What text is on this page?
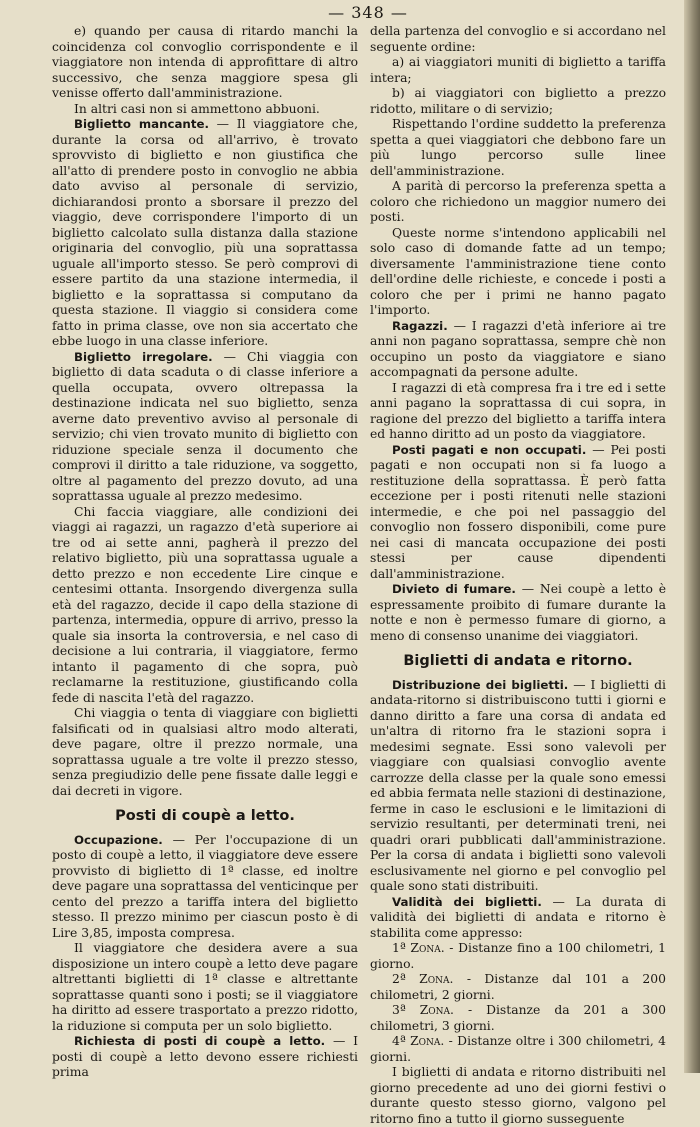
— 348 —

e) quando per causa di ritardo manchi la coincidenza col convoglio corrispondente e il viaggiatore non intenda di approfittare di altro successivo, che senza maggiore spesa gli venisse offerto dall'amministrazione.

In altri casi non si ammettono abbuoni.

Biglietto mancante. — Il viaggiatore che, durante la corsa od all'arrivo, è trovato sprovvisto di biglietto e non giustifica che all'atto di prendere posto in convoglio ne abbia dato avviso al personale di servizio, dichiarandosi pronto a sborsare il prezzo del viaggio, deve corrispondere l'importo di un biglietto calcolato sulla distanza dalla stazione originaria del convoglio, più una soprattassa uguale all'importo stesso. Se però comprovi di essere partito da una stazione intermedia, il biglietto e la soprattassa si computano da questa stazione. Il viaggio si considera come fatto in prima classe, ove non sia accertato che ebbe luogo in una classe inferiore.

Biglietto irregolare. — Chi viaggia con biglietto di data scaduta o di classe inferiore a quella occupata, ovvero oltrepassa la destinazione indicata nel suo biglietto, senza averne dato preventivo avviso al personale di servizio; chi vien trovato munito di biglietto con riduzione speciale senza il documento che comprovi il diritto a tale riduzione, va soggetto, oltre al pagamento del prezzo dovuto, ad una soprattassa uguale al prezzo medesimo.

Chi faccia viaggiare, alle condizioni dei viaggi ai ragazzi, un ragazzo d'età superiore ai tre od ai sette anni, pagherà il prezzo del relativo biglietto, più una soprattassa uguale a detto prezzo e non eccedente Lire cinque e centesimi ottanta. Insorgendo divergenza sulla età del ragazzo, decide il capo della stazione di partenza, intermedia, oppure di arrivo, presso la quale sia insorta la controversia, e nel caso di decisione a lui contraria, il viaggiatore, fermo intanto il pagamento di che sopra, può reclamarne la restituzione, giustificando colla fede di nascita l'età del ragazzo.

Chi viaggia o tenta di viaggiare con biglietti falsificati od in qualsiasi altro modo alterati, deve pagare, oltre il prezzo normale, una soprattassa uguale a tre volte il prezzo stesso, senza pregiudizio delle pene fissate dalle leggi e dai decreti in vigore.

Posti di coupè a letto.

Occupazione. — Per l'occupazione di un posto di coupè a letto, il viaggiatore deve essere provvisto di biglietto di 1ª classe, ed inoltre deve pagare una soprattassa del venticinque per cento del prezzo a tariffa intera del biglietto stesso. Il prezzo minimo per ciascun posto è di Lire 3,85, imposta compresa.

Il viaggiatore che desidera avere a sua disposizione un intero coupè a letto deve pagare altrettanti biglietti di 1ª classe e altrettante soprattasse quanti sono i posti; se il viaggiatore ha diritto ad essere trasportato a prezzo ridotto, la riduzione si computa per un solo biglietto.

Richiesta di posti di coupè a letto. — I posti di coupè a letto devono essere richiesti prima

della partenza del convoglio e si accordano nel seguente ordine:

a) ai viaggiatori muniti di biglietto a tariffa intera;

b) ai viaggiatori con biglietto a prezzo ridotto, militare o di servizio;

Rispettando l'ordine suddetto la preferenza spetta a quei viaggiatori che debbono fare un più lungo percorso sulle linee dell'amministrazione.

A parità di percorso la preferenza spetta a coloro che richiedono un maggior numero dei posti.

Queste norme s'intendono applicabili nel solo caso di domande fatte ad un tempo; diversamente l'amministrazione tiene conto dell'ordine delle richieste, e concede i posti a coloro che per i primi ne hanno pagato l'importo.

Ragazzi. — I ragazzi d'età inferiore ai tre anni non pagano soprattassa, sempre chè non occupino un posto da viaggiatore e siano accompagnati da persone adulte.

I ragazzi di età compresa fra i tre ed i sette anni pagano la soprattassa di cui sopra, in ragione del prezzo del biglietto a tariffa intera ed hanno diritto ad un posto da viaggiatore.

Posti pagati e non occupati. — Pei posti pagati e non occupati non si fa luogo a restituzione della soprattassa. È però fatta eccezione per i posti ritenuti nelle stazioni intermedie, e che poi nel passaggio del convoglio non fossero disponibili, come pure nei casi di mancata occupazione dei posti stessi per cause dipendenti dall'amministrazione.

Divieto di fumare. — Nei coupè a letto è espressamente proibito di fumare durante la notte e non è permesso fumare di giorno, a meno di consenso unanime dei viaggiatori.

Biglietti di andata e ritorno.

Distribuzione dei biglietti. — I biglietti di andata-ritorno si distribuiscono tutti i giorni e danno diritto a fare una corsa di andata ed un'altra di ritorno fra le stazioni sopra i medesimi segnate. Essi sono valevoli per viaggiare con qualsiasi convoglio avente carrozze della classe per la quale sono emessi ed abbia fermata nelle stazioni di destinazione, ferme in caso le esclusioni e le limitazioni di servizio resultanti, per determinati treni, nei quadri orari pubblicati dall'amministrazione. Per la corsa di andata i biglietti sono valevoli esclusivamente nel giorno e pel convoglio pel quale sono stati distribuiti.

Validità dei biglietti. — La durata di validità dei biglietti di andata e ritorno è stabilita come appresso:

1ª Zona. - Distanze fino a 100 chilometri, 1 giorno.

2ª Zona. - Distanze dal 101 a 200 chilometri, 2 giorni.

3ª Zona. - Distanze da 201 a 300 chilometri, 3 giorni.

4ª Zona. - Distanze oltre i 300 chilometri, 4 giorni.

I biglietti di andata e ritorno distribuiti nel giorno precedente ad uno dei giorni festivi o durante questo stesso giorno, valgono pel ritorno fino a tutto il giorno susseguente
